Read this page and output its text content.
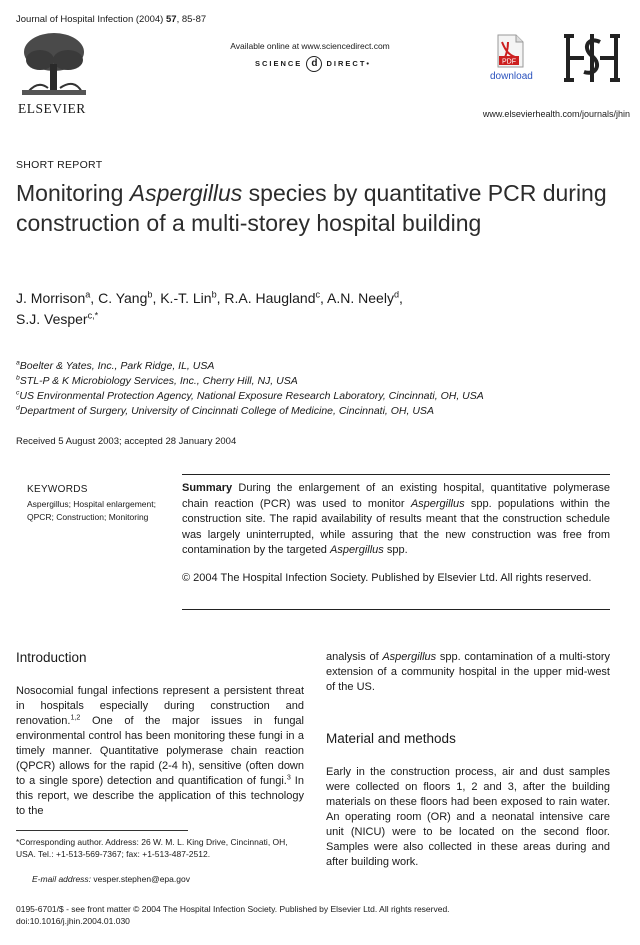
Journal of Hospital Infection (2004) 57, 85-87
ELSEVIER
Available online at www.sciencedirect.com
SCIENCE d DIRECT•	PDF
download
www.elsevierhealth.com/journals/jhin
SHORT REPORT
Monitoring Aspergillus species by quantitative PCR during construction of a multi-storey hospital building
J. Morrison$^a$, C. Yang$^b$, K.-T. Lin$^b$, R.A. Haugland$^c$, A.N. Neely$^d$,
S.J. Vesper$^{c,*}$
$^a$Boelter & Yates, Inc., Park Ridge, IL, USA
$^b$STL-P & K Microbiology Services, Inc., Cherry Hill, NJ, USA
$^c$US Environmental Protection Agency, National Exposure Research Laboratory, Cincinnati, OH, USA
$^d$Department of Surgery, University of Cincinnati College of Medicine, Cincinnati, OH, USA
Received 5 August 2003; accepted 28 January 2004
KEYWORDS
Aspergillus; Hospital enlargement; QPCR; Construction; Monitoring
Summary During the enlargement of an existing hospital, quantitative polymerase chain reaction (PCR) was used to monitor Aspergillus spp. populations within the construction site. The rapid availability of results meant that the construction schedule was largely uninterrupted, while assuring that the new construction was free from contamination by the targeted Aspergillus spp.
© 2004 The Hospital Infection Society. Published by Elsevier Ltd. All rights reserved.
Introduction
Nosocomial fungal infections represent a persistent threat in hospitals especially during construction and renovation.$^{1,2}$ One of the major issues in fungal environmental control has been monitoring these fungi in a timely manner. Quantitative polymerase chain reaction (QPCR) allows for the rapid (2-4 h), sensitive (often down to a single spore) detection and quantification of fungi.$^3$ In this report, we describe the application of this technology to the
analysis of Aspergillus spp. contamination of a multi-story extension of a community hospital in the upper mid-west of the US.
Material and methods
Early in the construction process, air and dust samples were collected on floors 1, 2 and 3, after the building materials on these floors had been exposed to rain water. An operating room (OR) and a neonatal intensive care unit (NICU) were to be located on the second floor. Samples were also collected in these areas during and after building work.
*Corresponding author. Address: 26 W. M. L. King Drive, Cincinnati, OH, USA. Tel.: +1-513-569-7367; fax: +1-513-487-2512.
E-mail address: vesper.stephen@epa.gov
0195-6701/$ - see front matter © 2004 The Hospital Infection Society. Published by Elsevier Ltd. All rights reserved.
doi:10.1016/j.jhin.2004.01.030
